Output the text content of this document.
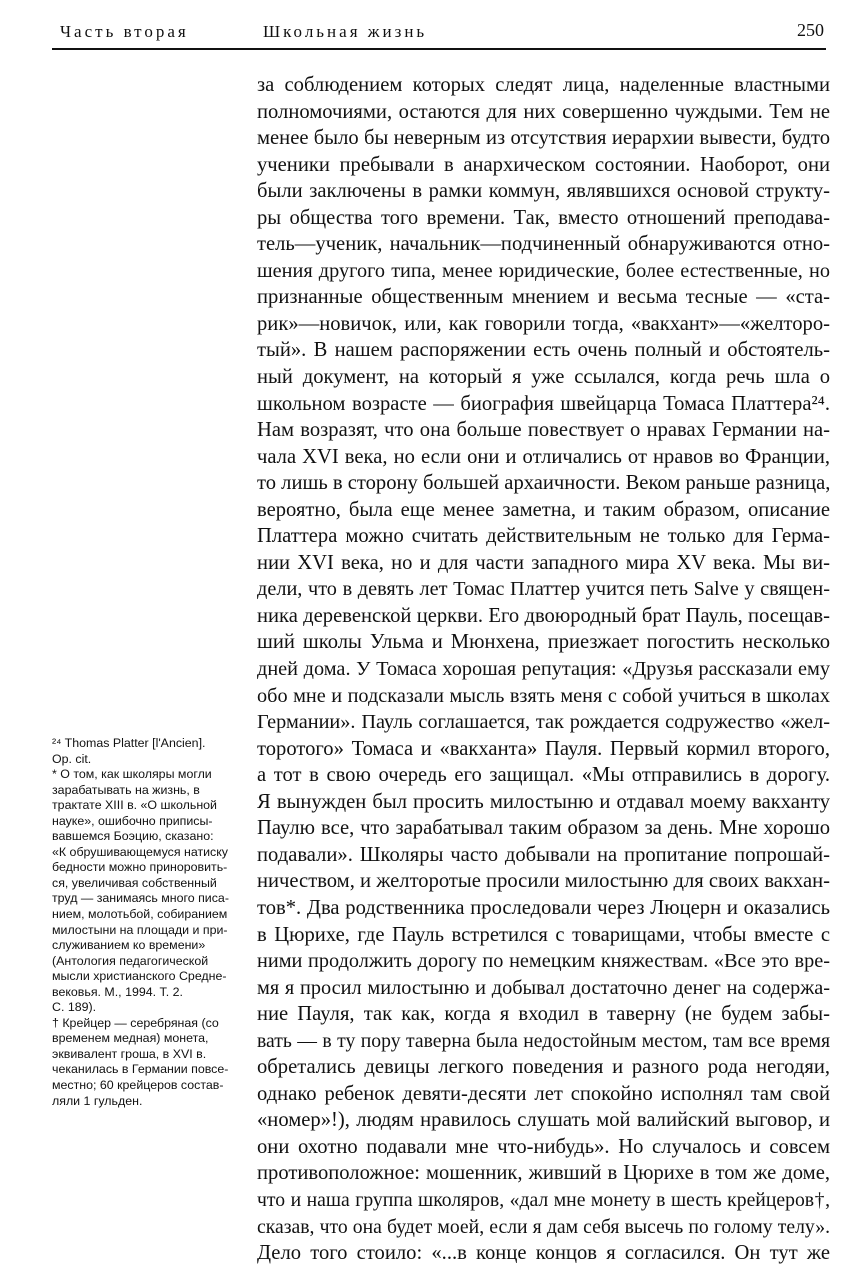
Часть вторая	Школьная жизнь	250

за соблюдением которых следят лица, наделенные властными

полномочиями, остаются для них совершенно чуждыми. Тем не

менее было бы неверным из отсутствия иерархии вывести, будто

ученики пребывали в анархическом состоянии. Наоборот, они

были заключены в рамки коммун, являвшихся основой структу-

ры общества того времени. Так, вместо отношений преподава-

тель—ученик, начальник—подчиненный обнаруживаются отно-

шения другого типа, менее юридические, более естественные, но

признанные общественным мнением и весьма тесные — «ста-

рик»—новичок, или, как говорили тогда, «вакхант»—«желторо-

тый». В нашем распоряжении есть очень полный и обстоятель-

ный документ, на который я уже ссылался, когда речь шла о

школьном возрасте — биография швейцарца Томаса Платтера²⁴.

Нам возразят, что она больше повествует о нравах Германии на-

чала XVI века, но если они и отличались от нравов во Франции,

то лишь в сторону большей архаичности. Веком раньше разница,

вероятно, была еще менее заметна, и таким образом, описание

Платтера можно считать действительным не только для Герма-

нии XVI века, но и для части западного мира XV века. Мы ви-

дели, что в девять лет Томас Платтер учится петь Salve у священ-

ника деревенской церкви. Его двоюродный брат Пауль, посещав-

ший школы Ульма и Мюнхена, приезжает погостить несколько

дней дома. У Томаса хорошая репутация: «Друзья рассказали ему

обо мне и подсказали мысль взять меня с собой учиться в школах

Германии». Пауль соглашается, так рождается содружество «жел-

торотого» Томаса и «вакханта» Пауля. Первый кормил второго,

а тот в свою очередь его защищал. «Мы отправились в дорогу.

Я вынужден был просить милостыню и отдавал моему вакханту

Паулю все, что зарабатывал таким образом за день. Мне хорошо

подавали». Школяры часто добывали на пропитание попрошай-

ничеством, и желторотые просили милостыню для своих вакхан-

тов*. Два родственника проследовали через Люцерн и оказались

в Цюрихе, где Пауль встретился с товарищами, чтобы вместе с

ними продолжить дорогу по немецким княжествам. «Все это вре-

мя я просил милостыню и добывал достаточно денег на содержа-

ние Пауля, так как, когда я входил в таверну (не будем забы-

вать — в ту пору таверна была недостойным местом, там все время

обретались девицы легкого поведения и разного рода негодяи,

однако ребенок девяти-десяти лет спокойно исполнял там свой

«номер»!), людям нравилось слушать мой валийский выговор, и

они охотно подавали мне что-нибудь». Но случалось и совсем

противоположное: мошенник, живший в Цюрихе в том же доме,

что и наша группа школяров, «дал мне монету в шесть крейцеров†,

сказав, что она будет моей, если я дам себя высечь по голому телу».

Дело того стоило: «...в конце концов я согласился. Он тут же

²⁴ Thomas Platter [l'Ancien].

Op. cit.

* О том, как школяры могли

зарабатывать на жизнь, в

трактате XIII в. «О школьной

науке», ошибочно приписы-

вавшемся Боэцию, сказано:

«К обрушивающемуся натиску

бедности можно приноровить-

ся, увеличивая собственный

труд — занимаясь много писа-

нием, молотьбой, собиранием

милостыни на площади и при-

служиванием ко времени»

(Антология педагогической

мысли христианского Средне-

вековья. М., 1994. Т. 2.

С. 189).

† Крейцер — серебряная (со

временем медная) монета,

эквивалент гроша, в XVI в.

чеканилась в Германии повсе-

местно; 60 крейцеров состав-

ляли 1 гульден.
